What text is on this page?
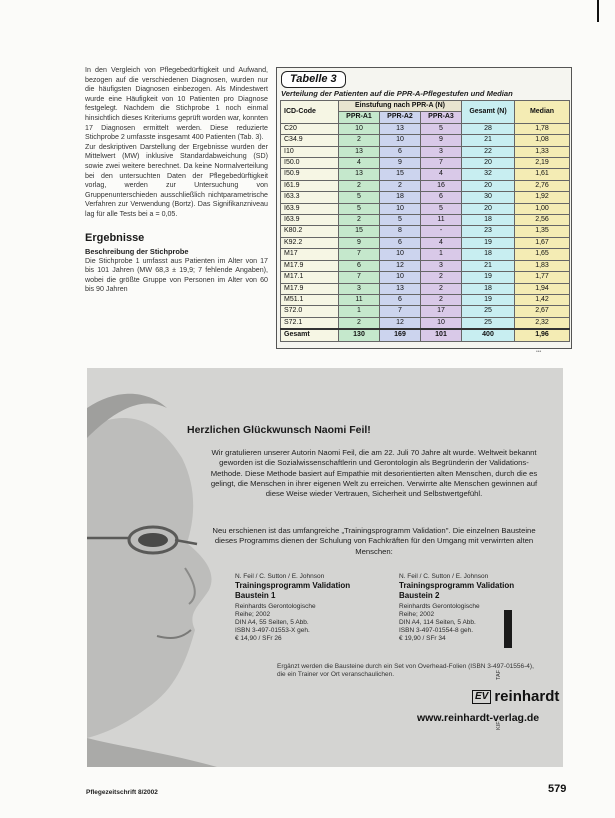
In den Vergleich von Pflegebedürftigkeit und Aufwand, bezogen auf die verschiedenen Diagnosen, wurden nur die häufigsten Diagnosen einbezogen. Als Mindestwert wurde eine Häufigkeit von 10 Patienten pro Diagnose festgelegt. Nachdem die Stichprobe 1 noch einmal hinsichtlich dieses Kriteriums geprüft worden war, konnten 17 Diagnosen ermittelt werden. Diese reduzierte Stichprobe 2 umfasste insgesamt 400 Patienten (Tab. 3).

Zur deskriptiven Darstellung der Ergebnisse wurden der Mittelwert (MW) inklusive Standardabweichung (SD) sowie zwei weitere berechnet. Da keine Normalverteilung bei den untersuchten Daten der Pflegebedürftigkeit vorlag, werden zur Untersuchung von Gruppenunterschieden ausschließlich nichtparametrische Verfahren zur Verwendung (Bortz). Das Signifikanzniveau lag für alle Tests bei a = 0,05.

Ergebnisse
Beschreibung der Stichprobe

Die Stichprobe 1 umfasst aus Patienten im Alter von 17 bis 101 Jahren (MW 68,3 ± 19,9; 7 fehlende Angaben), wobei die größte Gruppe von Personen im Alter von 60 bis 90 Jahren

Tabelle 3
Verteilung der Patienten auf die PPR-A-Pflegestufen und Median
ICD-Code	Einstufung nach PPR-A (N)			Gesamt (N)	Median
	PPR-A1	PPR-A2	PPR-A3		
C20	10	13	5	28	1,78
C34.9	2	10	9	21	1,08
I10	13	6	3	22	1,33
I50.0	4	9	7	20	2,19
I50.9	13	15	4	32	1,61
I61.9	2	2	16	20	2,76
I63.3	5	18	6	30	1,92
I63.9	5	10	5	20	1,00
I63.9	2	5	11	18	2,56
K80.2	15	8	-	23	1,35
K92.2	9	6	4	19	1,67
M17	7	10	1	18	1,65
M17.9	6	12	3	21	1,83
M17.1	7	10	2	19	1,77
M17.9	3	13	2	18	1,94
M51.1	11	6	2	19	1,42
S72.0	1	7	17	25	2,67
S72.1	2	12	10	25	2,32
Gesamt	130	169	101	400	1,96
•••
Herzlichen Glückwunsch Naomi Feil!

Wir gratulieren unserer Autorin Naomi Feil, die am 22. Juli 70 Jahre alt wurde. Weltweit bekannt geworden ist die Sozialwissenschaftlerin und Gerontologin als Begründerin der Validations-Methode. Diese Methode basiert auf Empathie mit desorientierten alten Menschen, durch die es gelingt, die Menschen in ihrer eigenen Welt zu erreichen. Verwirrte alte Menschen gewinnen auf diese Weise wieder Vertrauen, Sicherheit und Selbstwertgefühl.

Neu erschienen ist das umfangreiche „Trainingsprogramm Validation". Die einzelnen Bausteine dieses Programms dienen der Schulung von Fachkräften für den Umgang mit verwirrten alten Menschen:

N. Feil / C. Sutton / E. Johnson
Trainingsprogramm Validation
Baustein 1
Reinhardts Gerontologische
Reihe; 2002
DIN A4, 55 Seiten, 5 Abb.
ISBN 3-497-01553-X geh.
€ 14,90 / SFr 26
N. Feil / C. Sutton / E. Johnson
Trainingsprogramm Validation
Baustein 2
Reinhardts Gerontologische
Reihe; 2002
DIN A4, 114 Seiten, 5 Abb.
ISBN 3-497-01554-8 geh.
€ 19,90 / SFr 34
Ergänzt werden die Bausteine durch ein Set von Overhead-Folien (ISBN 3-497-01556-4), die ein Trainer vor Ort veranschaulichen.
EV reinhardt
www.reinhardt-verlag.de
TAF
KIF
Pflegezeitschrift 8/2002	579
